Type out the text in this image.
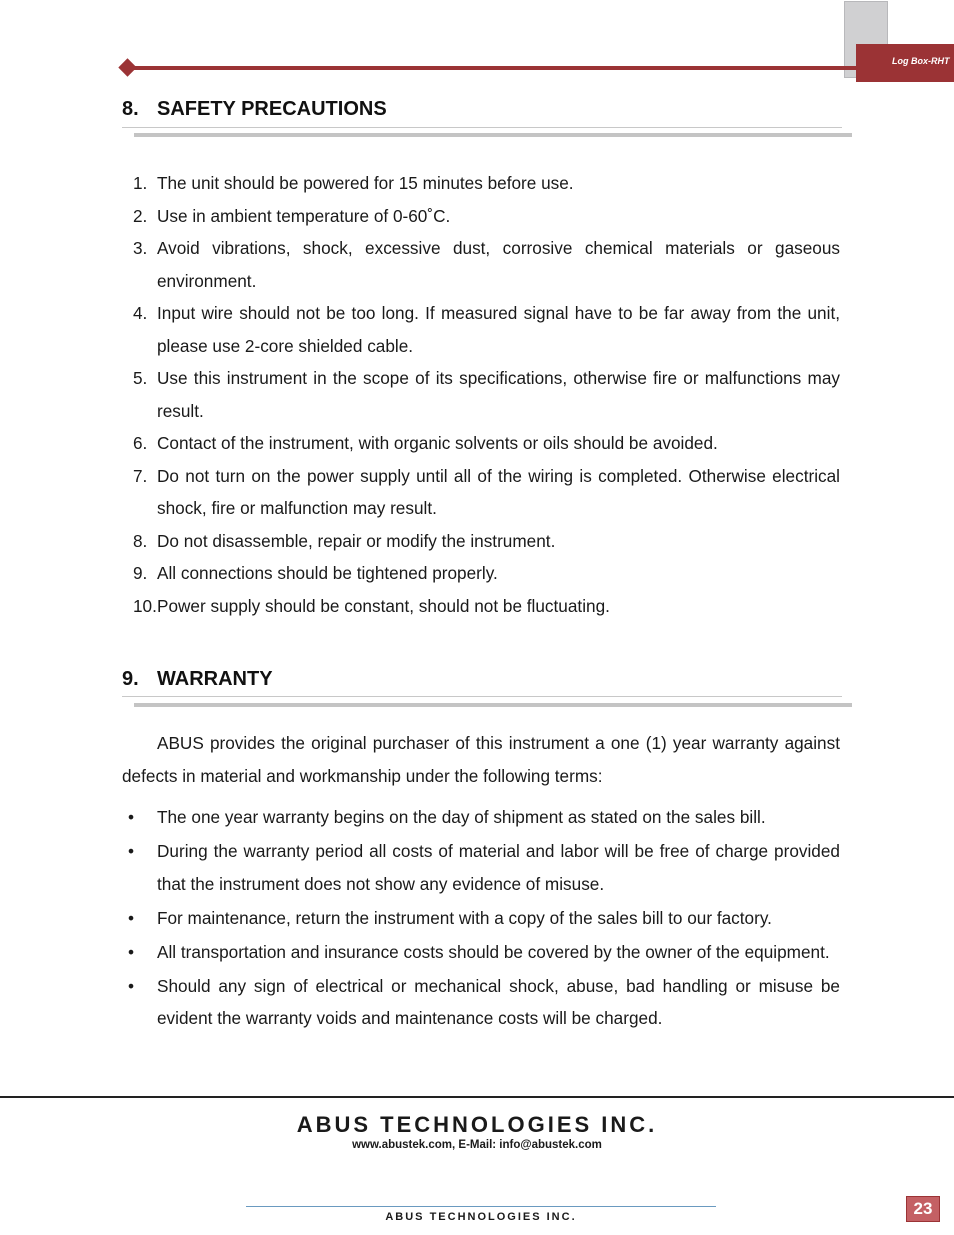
Log Box-RHT
8. SAFETY PRECAUTIONS
1. The unit should be powered for 15 minutes before use.
2. Use in ambient temperature of 0-60˚C.
3. Avoid vibrations, shock, excessive dust, corrosive chemical materials or gaseous environment.
4. Input wire should not be too long. If measured signal have to be far away from the unit, please use 2-core shielded cable.
5. Use this instrument in the scope of its specifications, otherwise fire or malfunctions may result.
6. Contact of the instrument, with organic solvents or oils should be avoided.
7. Do not turn on the power supply until all of the wiring is completed. Otherwise electrical shock, fire or malfunction may result.
8. Do not disassemble, repair or modify the instrument.
9. All connections should be tightened properly.
10. Power supply should be constant, should not be fluctuating.
9. WARRANTY
ABUS provides the original purchaser of this instrument a one (1) year warranty against defects in material and workmanship under the following terms:
•	The one year warranty begins on the day of shipment as stated on the sales bill.
•	During the warranty period all costs of material and labor will be free of charge provided that the instrument does not show any evidence of misuse.
•	For maintenance, return the instrument with a copy of the sales bill to our factory.
•	All transportation and insurance costs should be covered by the owner of the equipment.
•	Should any sign of electrical or mechanical shock, abuse, bad handling or misuse be evident the warranty voids and maintenance costs will be charged.
ABUS TECHNOLOGIES INC.
www.abustek.com, E-Mail: info@abustek.com
ABUS TECHNOLOGIES INC.	23
